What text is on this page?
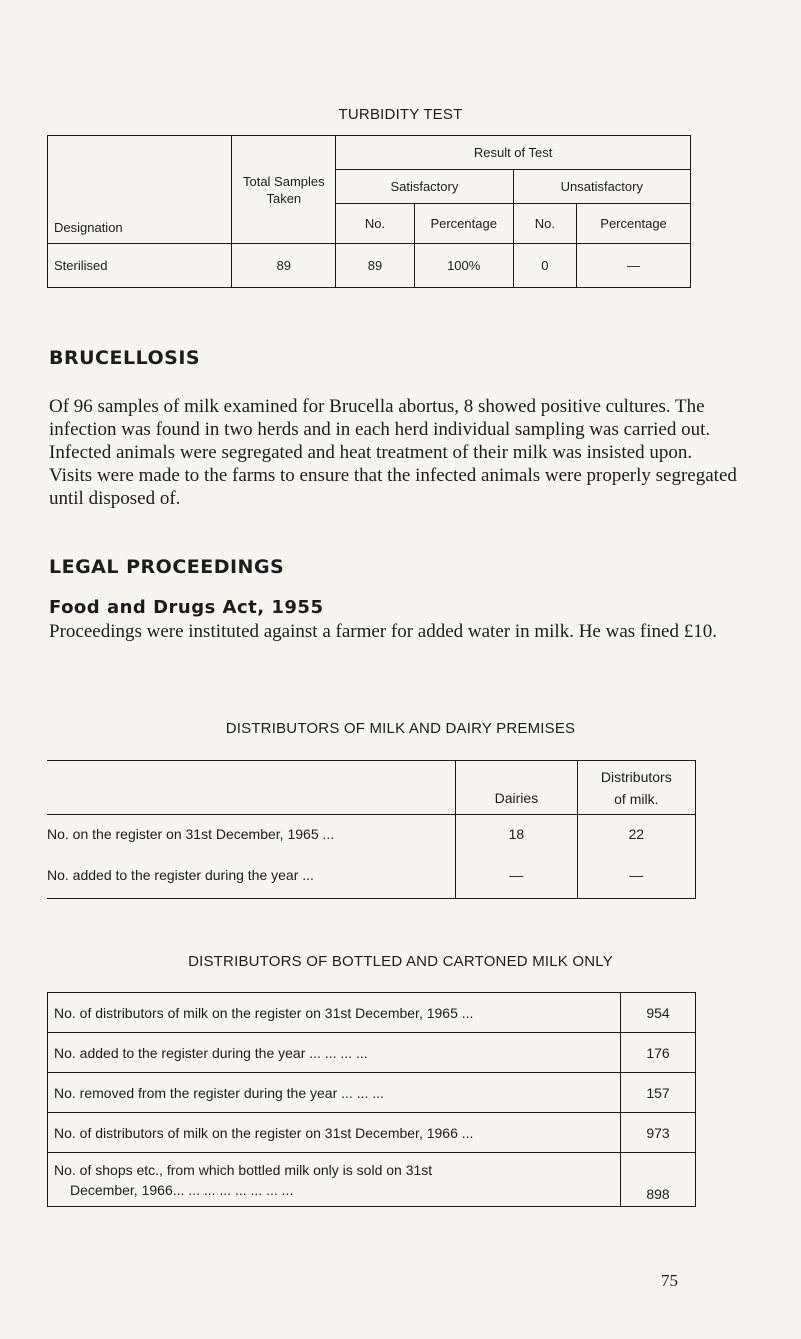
TURBIDITY TEST
Designation	Total Samples Taken	Result of Test			
		Satisfactory		Unsatisfactory	
		No.	Percentage	No.	Percentage
Sterilised	89	89	100%	0	—
BRUCELLOSIS

Of 96 samples of milk examined for Brucella abortus, 8 showed positive cultures. The infection was found in two herds and in each herd individual sampling was carried out. Infected animals were segregated and heat treatment of their milk was insisted upon. Visits were made to the farms to ensure that the infected animals were properly segregated until disposed of.

LEGAL PROCEEDINGS
Food and Drugs Act, 1955

Proceedings were instituted against a farmer for added water in milk. He was fined £10.

DISTRIBUTORS OF MILK AND DAIRY PREMISES
	Dairies	Distributors
of milk.

No. on the register on 31st December, 1965 ...	18	22
No. added to the register during the year ...	—	—
DISTRIBUTORS OF BOTTLED AND CARTONED MILK ONLY
No. of distributors of milk on the register on 31st December, 1965 ...	954
No. added to the register during the year ... ... ... ...	176
No. removed from the register during the year ... ... ...	157
No. of distributors of milk on the register on 31st December, 1966 ...	973

No. of shops etc., from which bottled milk only is sold on 31st
December, 1966... ... ... ... ... ... ... ...	898
75
